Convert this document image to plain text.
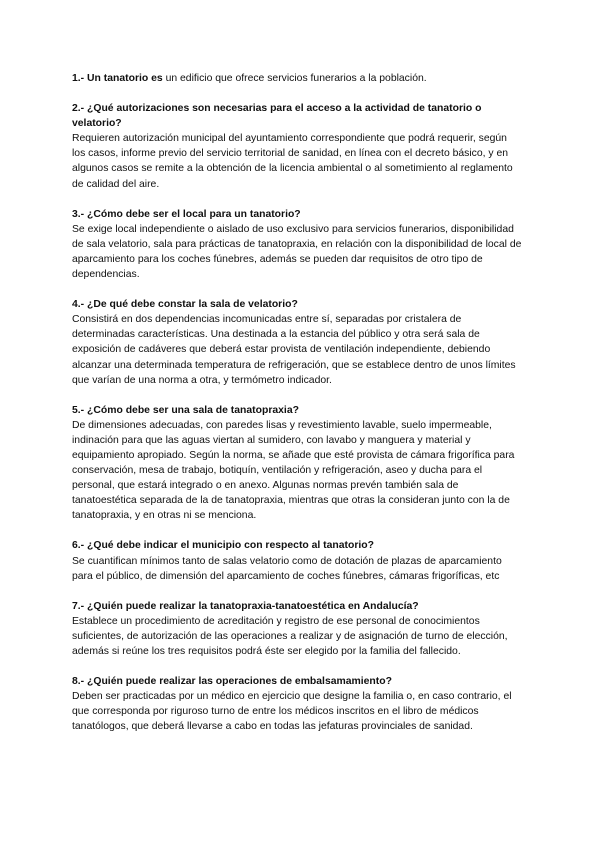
1.- Un tanatorio es un edificio que ofrece servicios funerarios a la población.

2.- ¿Qué autorizaciones son necesarias para el acceso a la actividad de tanatorio o velatorio?

Requieren autorización municipal del ayuntamiento correspondiente que podrá requerir, según los casos, informe previo del servicio territorial de sanidad, en línea con el decreto básico, y en algunos casos se remite a la obtención de la licencia ambiental o al sometimiento al reglamento de calidad del aire.

3.- ¿Cómo debe ser el local para un tanatorio?

Se exige local independiente o aislado de uso exclusivo para servicios funerarios, disponibilidad de sala velatorio, sala para prácticas de tanatopraxia, en relación con la disponibilidad de local de aparcamiento para los coches fúnebres, además se pueden dar requisitos de otro tipo de dependencias.

4.- ¿De qué debe constar la sala de velatorio?

Consistirá en dos dependencias incomunicadas entre sí, separadas por cristalera de determinadas características. Una destinada a la estancia del público y otra será sala de exposición de cadáveres que deberá estar provista de ventilación independiente, debiendo alcanzar una determinada temperatura de refrigeración, que se establece dentro de unos límites que varían de una norma a otra, y termómetro indicador.

5.- ¿Cómo debe ser una sala de tanatopraxia?

De dimensiones adecuadas, con paredes lisas y revestimiento lavable, suelo impermeable, indinación para que las aguas viertan al sumidero, con lavabo y manguera y material y equipamiento apropiado. Según la norma, se añade que esté provista de cámara frigorífica para conservación, mesa de trabajo, botiquín, ventilación y refrigeración, aseo y ducha para el personal, que estará integrado o en anexo. Algunas normas prevén también sala de tanatoestética separada de la de tanatopraxia, mientras que otras la consideran junto con la de tanatopraxia, y en otras ni se menciona.

6.- ¿Qué debe indicar el municipio con respecto al tanatorio?

Se cuantifican mínimos tanto de salas velatorio como de dotación de plazas de aparcamiento para el público, de dimensión del aparcamiento de coches fúnebres, cámaras frigoríficas, etc

7.- ¿Quién puede realizar la tanatopraxia-tanatoestética en Andalucía?

Establece un procedimiento de acreditación y registro de ese personal de conocimientos suficientes, de autorización de las operaciones a realizar y de asignación de turno de elección, además si reúne los tres requisitos podrá éste ser elegido por la familia del fallecido.

8.- ¿Quién puede realizar las operaciones de embalsamamiento?

Deben ser practicadas por un médico en ejercicio que designe la familia o, en caso contrario, el que corresponda por riguroso turno de entre los médicos inscritos en el libro de médicos tanatólogos, que deberá llevarse a cabo en todas las jefaturas provinciales de sanidad.
